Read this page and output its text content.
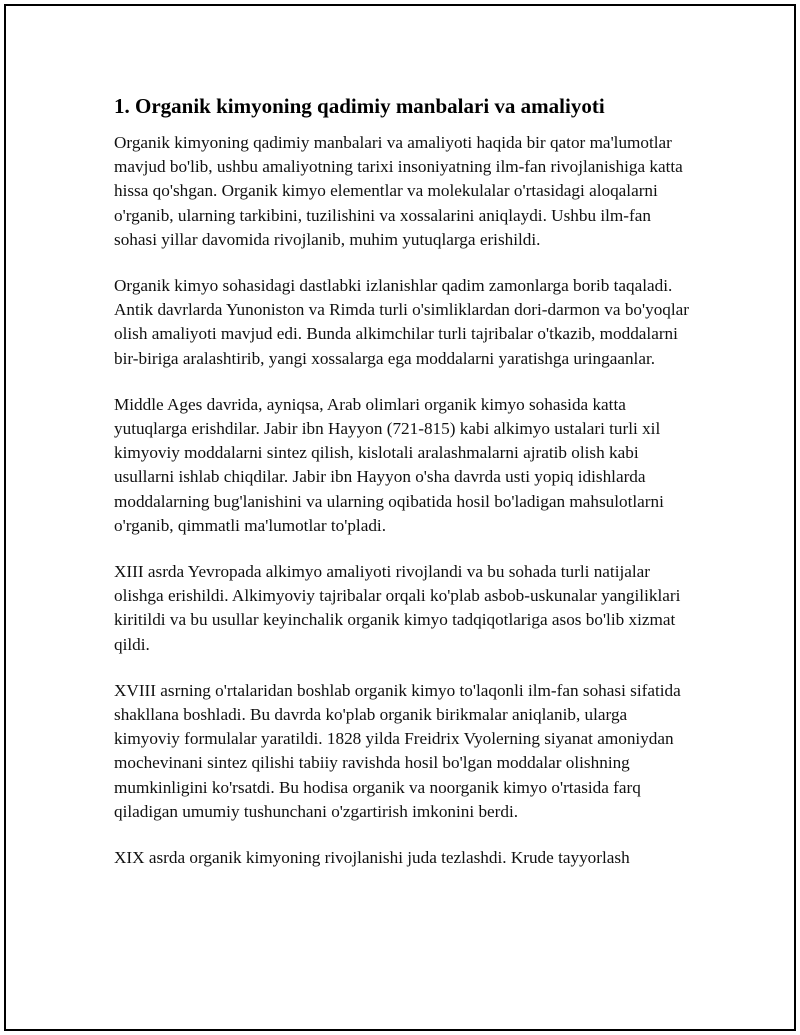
1. Organik kimyoning qadimiy manbalari va amaliyoti

Organik kimyoning qadimiy manbalari va amaliyoti haqida bir qator ma'lumotlar mavjud bo'lib, ushbu amaliyotning tarixi insoniyatning ilm-fan rivojlanishiga katta hissa qo'shgan. Organik kimyo elementlar va molekulalar o'rtasidagi aloqalarni o'rganib, ularning tarkibini, tuzilishini va xossalarini aniqlaydi. Ushbu ilm-fan sohasi yillar davomida rivojlanib, muhim yutuqlarga erishildi.

Organik kimyo sohasidagi dastlabki izlanishlar qadim zamonlarga borib taqaladi. Antik davrlarda Yunoniston va Rimda turli o'simliklardan dori-darmon va bo'yoqlar olish amaliyoti mavjud edi. Bunda alkimchilar turli tajribalar o'tkazib, moddalarni bir-biriga aralashtirib, yangi xossalarga ega moddalarni yaratishga uringaanlar.

Middle Ages davrida, ayniqsa, Arab olimlari organik kimyo sohasida katta yutuqlarga erishdilar. Jabir ibn Hayyon (721-815) kabi alkimyo ustalari turli xil kimyoviy moddalarni sintez qilish, kislotali aralashmalarni ajratib olish kabi usullarni ishlab chiqdilar. Jabir ibn Hayyon o'sha davrda usti yopiq idishlarda moddalarning bug'lanishini va ularning oqibatida hosil bo'ladigan mahsulotlarni o'rganib, qimmatli ma'lumotlar to'pladi.

XIII asrda Yevropada alkimyo amaliyoti rivojlandi va bu sohada turli natijalar olishga erishildi. Alkimyoviy tajribalar orqali ko'plab asbob-uskunalar yangiliklari kiritildi va bu usullar keyinchalik organik kimyo tadqiqotlariga asos bo'lib xizmat qildi.

XVIII asrning o'rtalaridan boshlab organik kimyo to'laqonli ilm-fan sohasi sifatida shakllana boshladi. Bu davrda ko'plab organik birikmalar aniqlanib, ularga kimyoviy formulalar yaratildi. 1828 yilda Freidrix Vyolerning siyanat amoniydan mochevinani sintez qilishi tabiiy ravishda hosil bo'lgan moddalar olishning mumkinligini ko'rsatdi. Bu hodisa organik va noorganik kimyo o'rtasida farq qiladigan umumiy tushunchani o'zgartirish imkonini berdi.

XIX asrda organik kimyoning rivojlanishi juda tezlashdi. Krude tayyorlash
